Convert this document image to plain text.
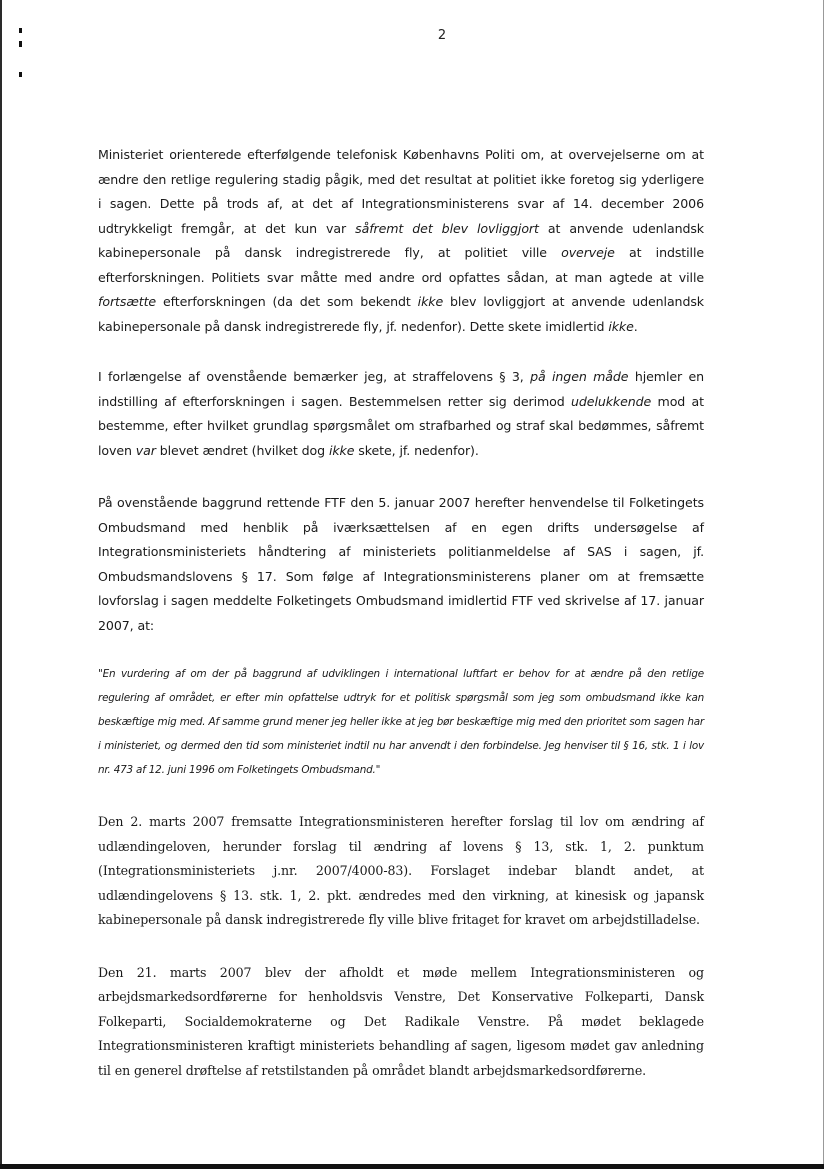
2

Ministeriet orienterede efterfølgende telefonisk Københavns Politi om, at overvejelserne om at ændre den retlige regulering stadig pågik, med det resultat at politiet ikke foretog sig yderligere i sagen. Dette på trods af, at det af Integrationsministerens svar af 14. december 2006 udtrykkeligt fremgår, at det kun var såfremt det blev lovliggjort at anvende udenlandsk kabinepersonale på dansk indregistrerede fly, at politiet ville overveje at indstille efterforskningen. Politiets svar måtte med andre ord opfattes sådan, at man agtede at ville fortsætte efterforskningen (da det som bekendt ikke blev lovliggjort at anvende udenlandsk kabinepersonale på dansk indregistrerede fly, jf. nedenfor). Dette skete imidlertid ikke.

I forlængelse af ovenstående bemærker jeg, at straffelovens § 3, på ingen måde hjemler en indstilling af efterforskningen i sagen. Bestemmelsen retter sig derimod udelukkende mod at bestemme, efter hvilket grundlag spørgsmålet om strafbarhed og straf skal bedømmes, såfremt loven var blevet ændret (hvilket dog ikke skete, jf. nedenfor).

På ovenstående baggrund rettende FTF den 5. januar 2007 herefter henvendelse til Folketingets Ombudsmand med henblik på iværksættelsen af en egen drifts undersøgelse af Integrationsministeriets håndtering af ministeriets politianmeldelse af SAS i sagen, jf. Ombudsmandslovens § 17. Som følge af Integrationsministerens planer om at fremsætte lovforslag i sagen meddelte Folketingets Ombudsmand imidlertid FTF ved skrivelse af 17. januar 2007, at:

"En vurdering af om der på baggrund af udviklingen i international luftfart er behov for at ændre på den retlige regulering af området, er efter min opfattelse udtryk for et politisk spørgsmål som jeg som ombudsmand ikke kan beskæftige mig med. Af samme grund mener jeg heller ikke at jeg bør beskæftige mig med den prioritet som sagen har i ministeriet, og dermed den tid som ministeriet indtil nu har anvendt i den forbindelse. Jeg henviser til § 16, stk. 1 i lov nr. 473 af 12. juni 1996 om Folketingets Ombudsmand."

Den 2. marts 2007 fremsatte Integrationsministeren herefter forslag til lov om ændring af udlændingeloven, herunder forslag til ændring af lovens § 13, stk. 1, 2. punktum (Integrationsministeriets j.nr. 2007/4000-83). Forslaget indebar blandt andet, at udlændingelovens § 13. stk. 1, 2. pkt. ændredes med den virkning, at kinesisk og japansk kabinepersonale på dansk indregistrerede fly ville blive fritaget for kravet om arbejdstilladelse.

Den 21. marts 2007 blev der afholdt et møde mellem Integrationsministeren og arbejdsmarkedsordførerne for henholdsvis Venstre, Det Konservative Folkeparti, Dansk Folkeparti, Socialdemokraterne og Det Radikale Venstre. På mødet beklagede Integrationsministeren kraftigt ministeriets behandling af sagen, ligesom mødet gav anledning til en generel drøftelse af retstilstanden på området blandt arbejdsmarkedsordførerne.
